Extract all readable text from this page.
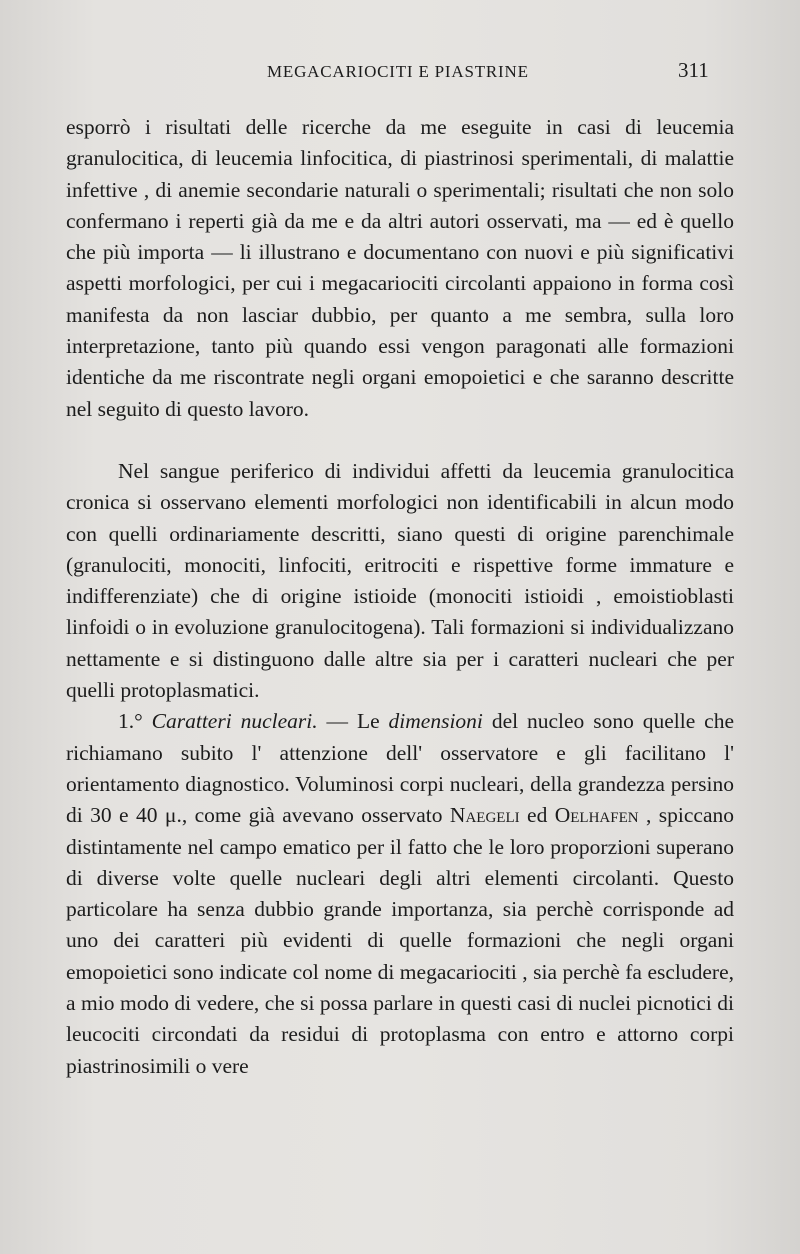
MEGACARIOCITI E PIASTRINE	311

esporrò i risultati delle ricerche da me eseguite in casi di leucemia granulocitica, di leucemia linfocitica, di piastrinosi sperimentali, di malattie infettive , di anemie secondarie naturali o sperimentali; risultati che non solo confermano i reperti già da me e da altri autori osservati, ma — ed è quello che più importa — li illustrano e documentano con nuovi e più significativi aspetti morfologici, per cui i megacariociti circolanti appaiono in forma così manifesta da non lasciar dubbio, per quanto a me sembra, sulla loro interpretazione, tanto più quando essi vengon paragonati alle formazioni identiche da me riscontrate negli organi emopoietici e che saranno descritte nel seguito di questo lavoro.

Nel sangue periferico di individui affetti da leucemia granulocitica cronica si osservano elementi morfologici non identificabili in alcun modo con quelli ordinariamente descritti, siano questi di origine parenchimale (granulociti, monociti, linfociti, eritrociti e rispettive forme immature e indifferenziate) che di origine istioide (monociti istioidi , emoistioblasti linfoidi o in evoluzione granulocitogena). Tali formazioni si individualizzano nettamente e si distinguono dalle altre sia per i caratteri nucleari che per quelli protoplasmatici.

1.° Caratteri nucleari. — Le dimensioni del nucleo sono quelle che richiamano subito l' attenzione dell' osservatore e gli facilitano l' orientamento diagnostico. Voluminosi corpi nucleari, della grandezza persino di 30 e 40 μ., come già avevano osservato Naegeli ed Oelhafen , spiccano distintamente nel campo ematico per il fatto che le loro proporzioni superano di diverse volte quelle nucleari degli altri elementi circolanti. Questo particolare ha senza dubbio grande importanza, sia perchè corrisponde ad uno dei caratteri più evidenti di quelle formazioni che negli organi emopoietici sono indicate col nome di megacariociti , sia perchè fa escludere, a mio modo di vedere, che si possa parlare in questi casi di nuclei picnotici di leucociti circondati da residui di protoplasma con entro e attorno corpi piastrinosimili o vere
